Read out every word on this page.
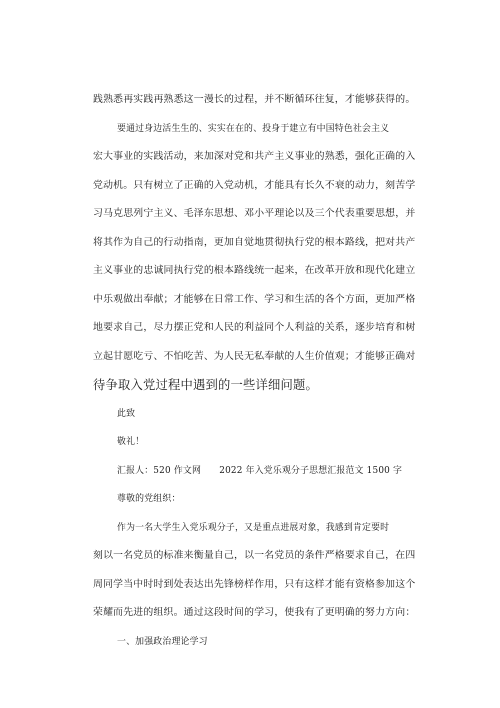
践熟悉再实践再熟悉这一漫长的过程，并不断循环往复，才能够获得的。
要通过身边活生生的、实实在在的、投身于建立有中国特色社会主义
宏大事业的实践活动，来加深对党和共产主义事业的熟悉，强化正确的入
党动机。只有树立了正确的入党动机，才能具有长久不衰的动力，刻苦学
习马克思列宁主义、毛泽东思想、邓小平理论以及三个代表重要思想，并
将其作为自己的行动指南，更加自觉地贯彻执行党的根本路线，把对共产
主义事业的忠诚同执行党的根本路线统一起来，在改革开放和现代化建立
中乐观做出奉献；才能够在日常工作、学习和生活的各个方面，更加严格
地要求自己，尽力摆正党和人民的利益同个人利益的关系，逐步培育和树
立起甘愿吃亏、不怕吃苦、为人民无私奉献的人生价值观；才能够正确对
待争取入党过程中遇到的一些详细问题。
此致
敬礼！
汇报人：520 作文网　　2022 年入党乐观分子思想汇报范文 1500 字
尊敬的党组织：
作为一名大学生入党乐观分子，又是重点进展对象，我感到肯定要时
刻以一名党员的标准来衡量自己，以一名党员的条件严格要求自己，在四
周同学当中时时到处表达出先锋榜样作用，只有这样才能有资格参加这个
荣耀而先进的组织。通过这段时间的学习，使我有了更明确的努力方向：
一、加强政治理论学习
